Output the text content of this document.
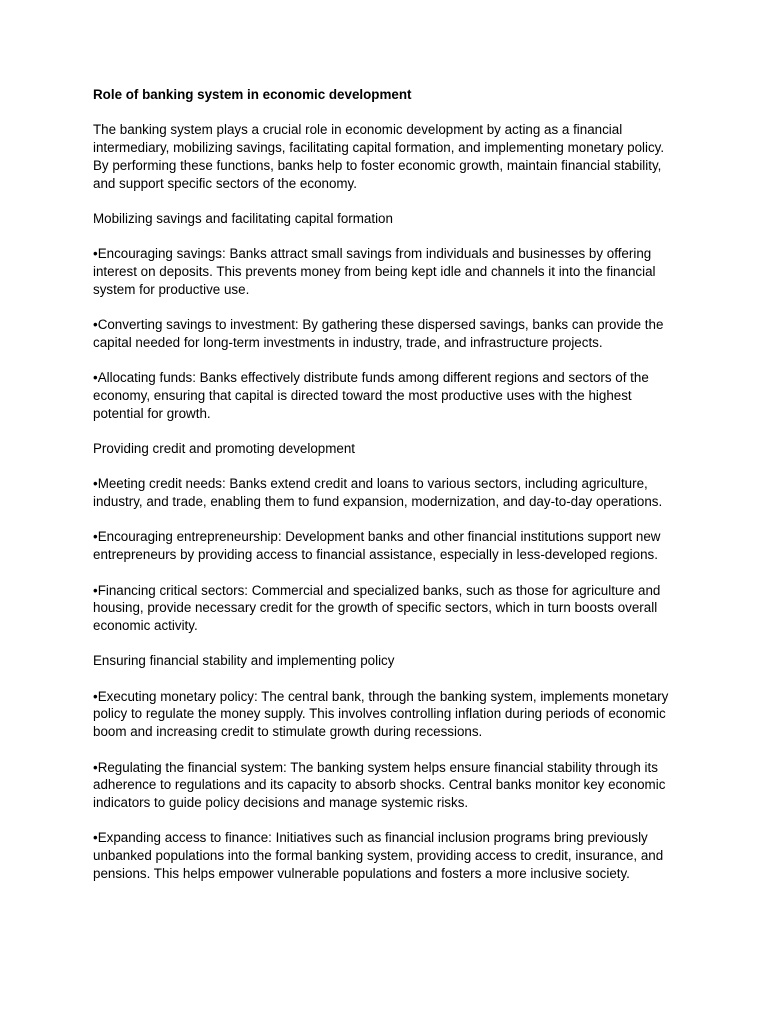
Role of banking system in economic development
The banking system plays a crucial role in economic development by acting as a financial intermediary, mobilizing savings, facilitating capital formation, and implementing monetary policy. By performing these functions, banks help to foster economic growth, maintain financial stability, and support specific sectors of the economy.
Mobilizing savings and facilitating capital formation
•Encouraging savings: Banks attract small savings from individuals and businesses by offering interest on deposits. This prevents money from being kept idle and channels it into the financial system for productive use.
•Converting savings to investment: By gathering these dispersed savings, banks can provide the capital needed for long-term investments in industry, trade, and infrastructure projects.
•Allocating funds: Banks effectively distribute funds among different regions and sectors of the economy, ensuring that capital is directed toward the most productive uses with the highest potential for growth.
Providing credit and promoting development
•Meeting credit needs: Banks extend credit and loans to various sectors, including agriculture, industry, and trade, enabling them to fund expansion, modernization, and day-to-day operations.
•Encouraging entrepreneurship: Development banks and other financial institutions support new entrepreneurs by providing access to financial assistance, especially in less-developed regions.
•Financing critical sectors: Commercial and specialized banks, such as those for agriculture and housing, provide necessary credit for the growth of specific sectors, which in turn boosts overall economic activity.
Ensuring financial stability and implementing policy
•Executing monetary policy: The central bank, through the banking system, implements monetary policy to regulate the money supply. This involves controlling inflation during periods of economic boom and increasing credit to stimulate growth during recessions.
•Regulating the financial system: The banking system helps ensure financial stability through its adherence to regulations and its capacity to absorb shocks. Central banks monitor key economic indicators to guide policy decisions and manage systemic risks.
•Expanding access to finance: Initiatives such as financial inclusion programs bring previously unbanked populations into the formal banking system, providing access to credit, insurance, and pensions. This helps empower vulnerable populations and fosters a more inclusive society.
